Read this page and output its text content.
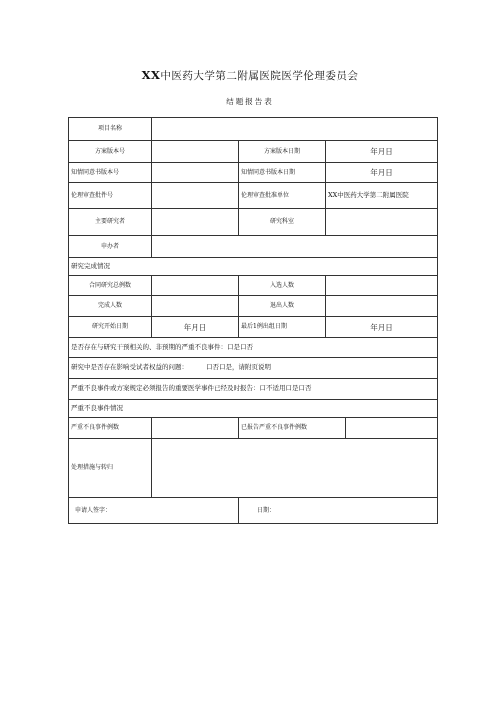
XX中医药大学第二附属医院医学伦理委员会
结题报告表
项目名称				
方案版本号		方案版本日期	年月日	
知情同意书版本号		知情同意书版本日期	年月日	
伦理审查批件号		伦理审查批准单位	XX中医药大学第二附属医院	
主要研究者		研究科室		
申办者				
研究完成情况				
合同研究总例数		入选人数		
完成人数		退出人数		
研究开始日期	年月日	最后1例出组日期	年月日	
是否存在与研究干预相关的、非预期的严重不良事件：口是口否				
研究中是否存在影响受试者权益的问题： 口否口是，请附页说明				
严重不良事件或方案规定必须报告的重要医学事件已经及时报告：口不适用口是口否				
严重不良事件情况				
严重不良事件例数		已报告严重不良事件例数		
处理措施与转归				
申请人签字：		日期：		
